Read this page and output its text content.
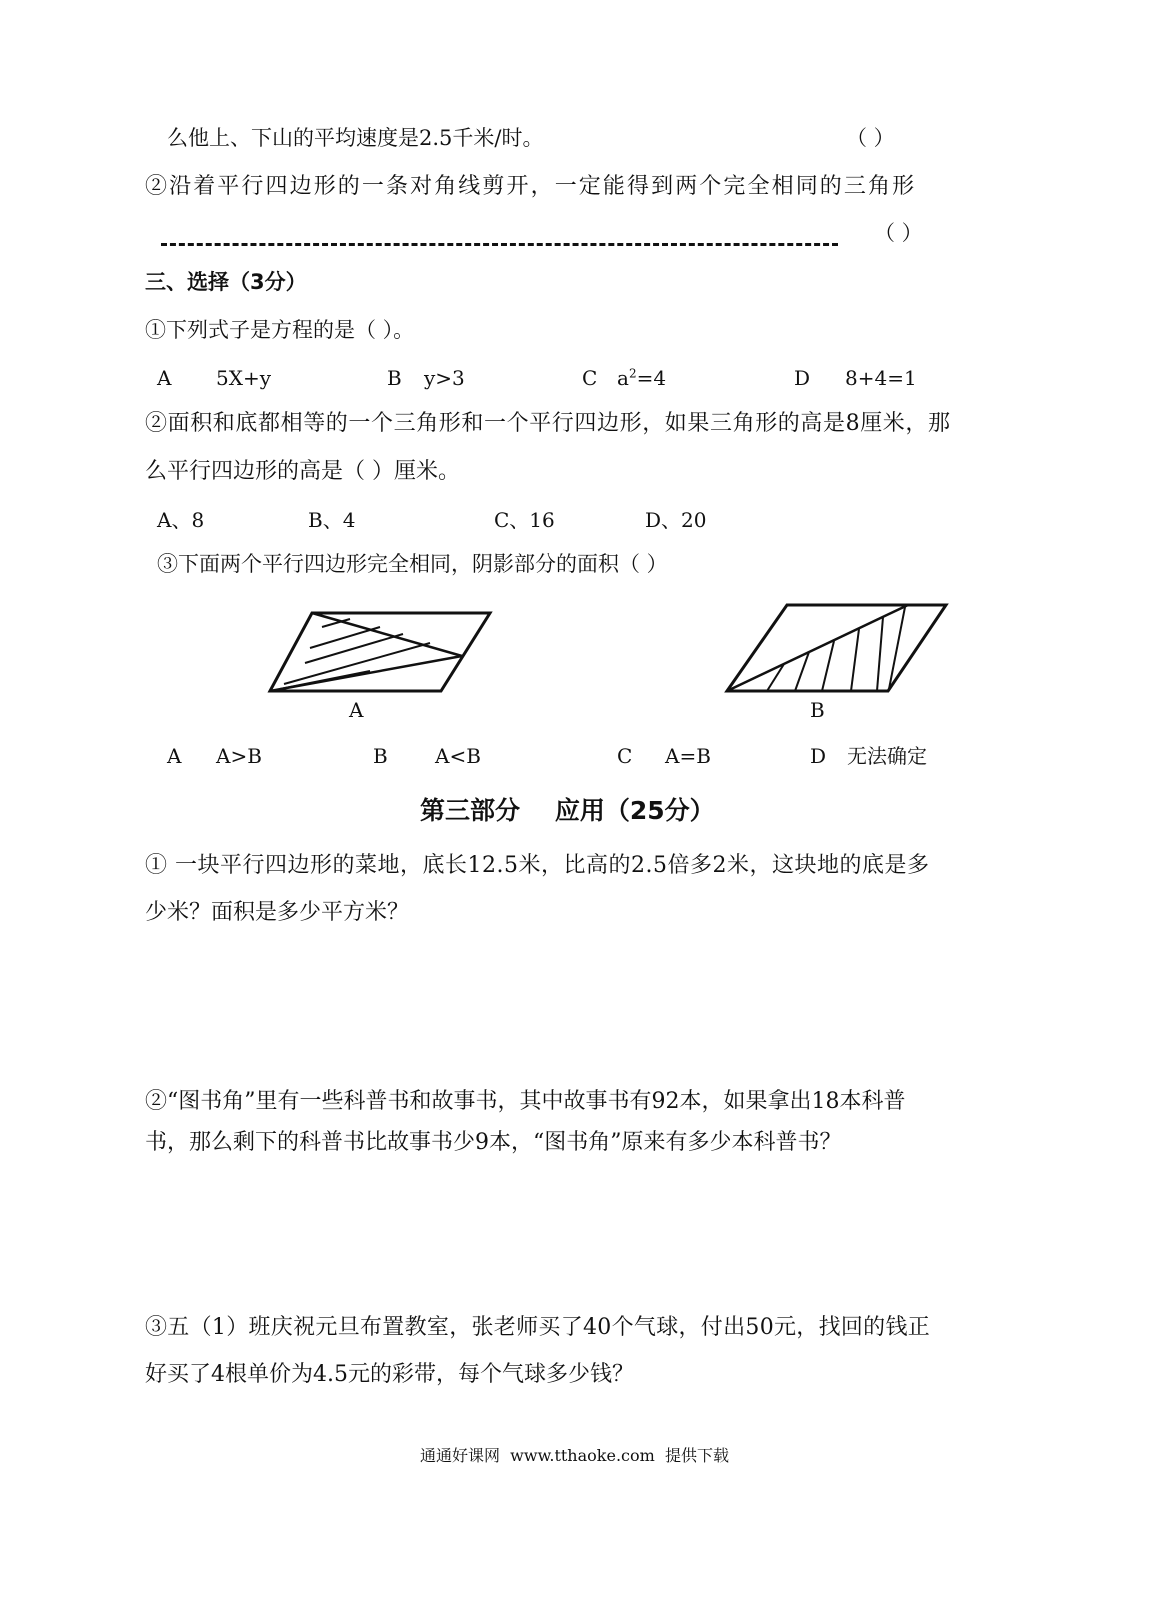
么他上、下山的平均速度是2.5千米/时。	（ ）
②沿着平行四边形的一条对角线剪开，一定能得到两个完全相同的三角形
（ ）
三、选择（3分）
①下列式子是方程的是（ ）。
A 5X+y	B y>3	C $a^2=4$	D 8+4=1
②面积和底都相等的一个三角形和一个平行四边形，如果三角形的高是8厘米，那
么平行四边形的高是（ ）厘米。
A、8	B、4	C、16	D、20
③下面两个平行四边形完全相同，阴影部分的面积（ ）
A	B
A A>B	B A<B	C A=B	D 无法确定
第三部分    应用（25分）
① 一块平行四边形的菜地，底长12.5米，比高的2.5倍多2米，这块地的底是多
少米？面积是多少平方米？
②“图书角”里有一些科普书和故事书，其中故事书有92本，如果拿出18本科普
书，那么剩下的科普书比故事书少9本，“图书角”原来有多少本科普书？
③五（1）班庆祝元旦布置教室，张老师买了40个气球，付出50元，找回的钱正
好买了4根单价为4.5元的彩带，每个气球多少钱？
通通好课网  www.tthaoke.com  提供下载
